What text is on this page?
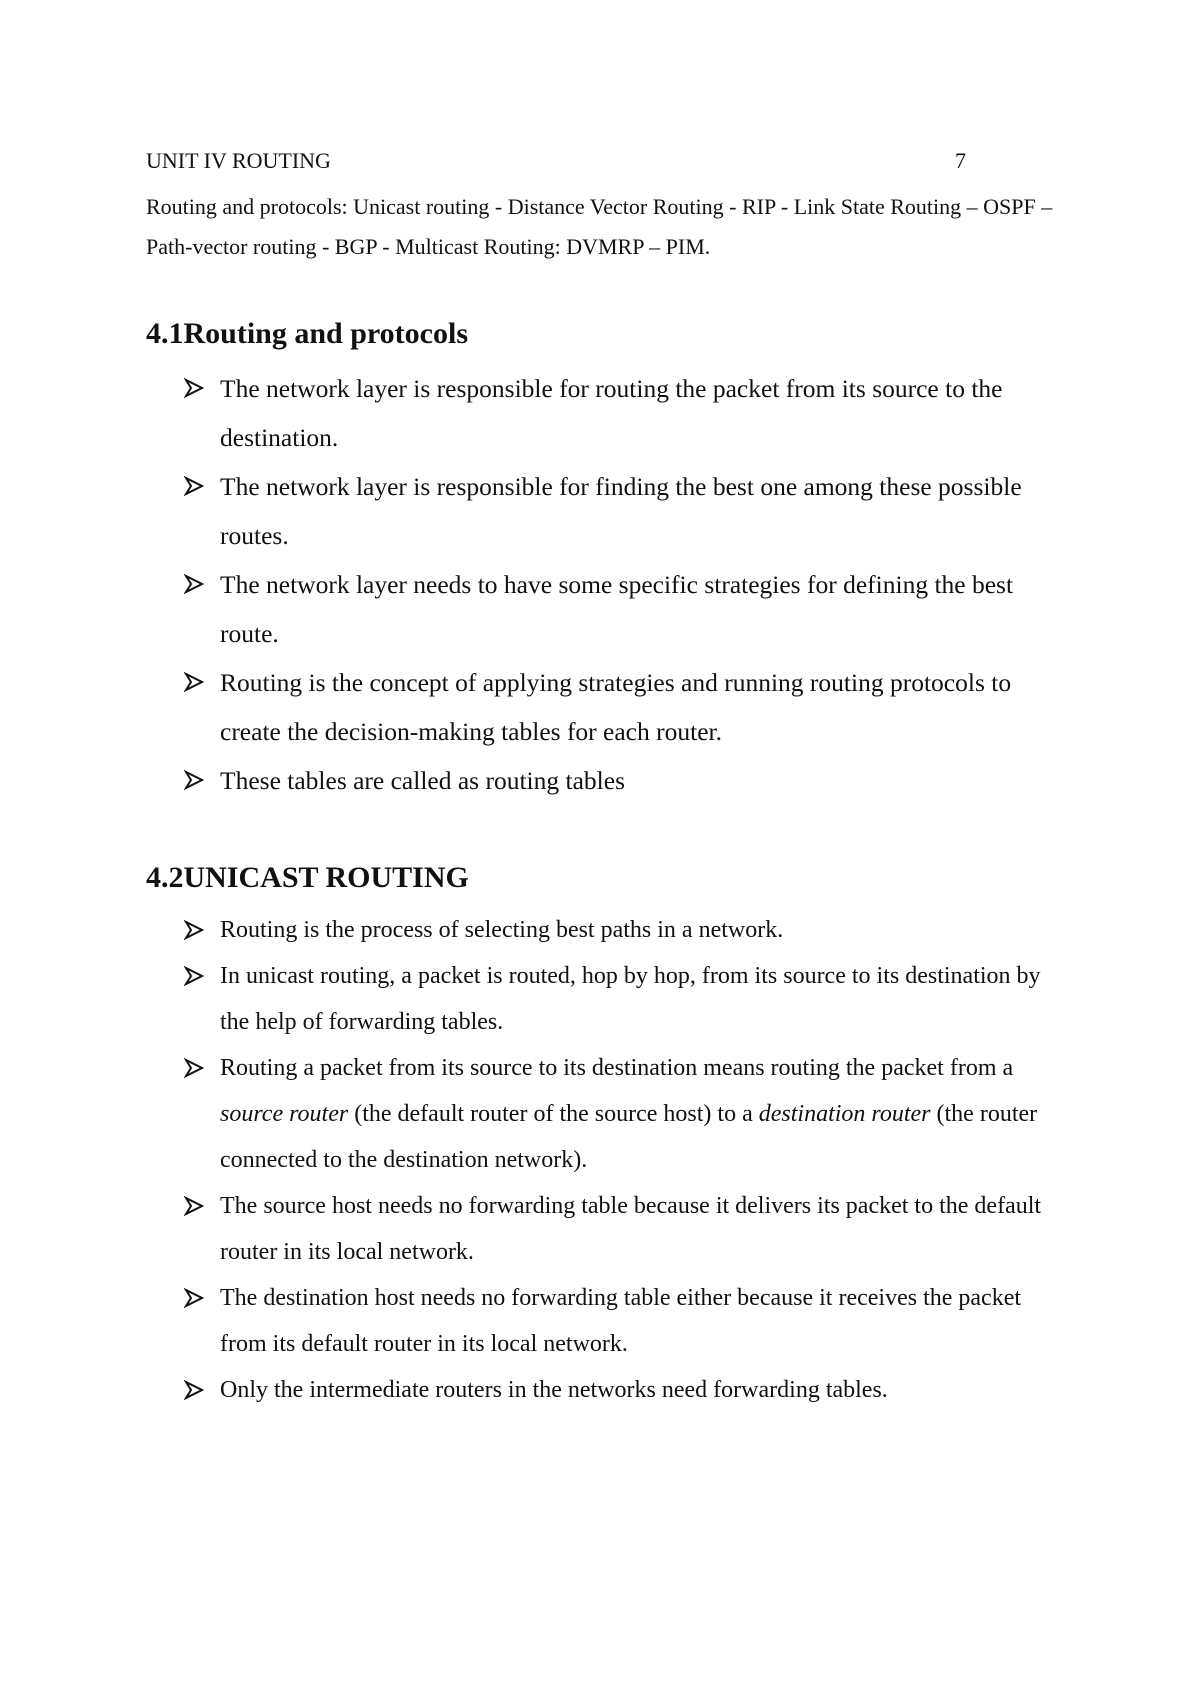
UNIT IV ROUTING	7
Routing and protocols: Unicast routing - Distance Vector Routing - RIP - Link State Routing – OSPF – Path-vector routing - BGP - Multicast Routing: DVMRP – PIM.
4.1Routing and protocols
The network layer is responsible for routing the packet from its source to the destination.
The network layer is responsible for finding the best one among these possible routes.
The network layer needs to have some specific strategies for defining the best route.
Routing is the concept of applying strategies and running routing protocols to create the decision-making tables for each router.
These tables are called as routing tables
4.2UNICAST ROUTING
Routing is the process of selecting best paths in a network.
In unicast routing, a packet is routed, hop by hop, from its source to its destination by the help of forwarding tables.
Routing a packet from its source to its destination means routing the packet from a source router (the default router of the source host) to a destination router (the router connected to the destination network).
The source host needs no forwarding table because it delivers its packet to the default router in its local network.
The destination host needs no forwarding table either because it receives the packet from its default router in its local network.
Only the intermediate routers in the networks need forwarding tables.
